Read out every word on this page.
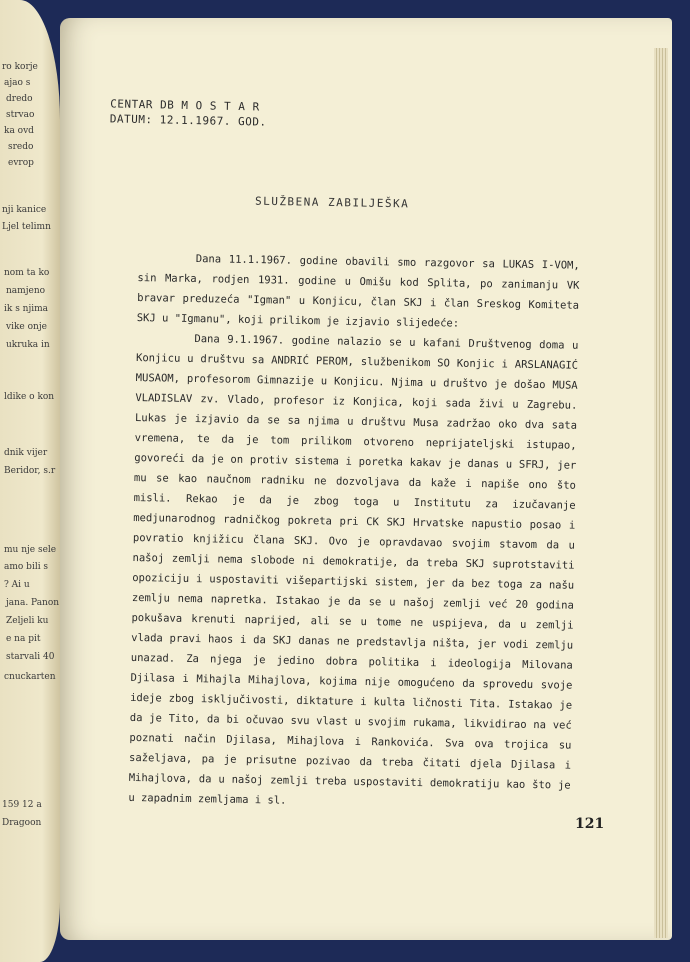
ro korje
ajao s
dredo
strvao
ka ovd
sredo
evrop
nji kanice
Ljel telimn
nom ta ko
namjeno
ik s njima
vike onje
ukruka in
ldike o kon
dnik vijer
Beridor, s.r
mu nje sele
amo bili s
? Ai u
jana. Panon
Zeljeli ku
e na pit
starvali 40
cnuckarten
159 12 a
Dragoon
CENTAR DB M O S T A R
DATUM: 12.1.1967. GOD.
SLUŽBENA ZABILJEŠKA

Dana 11.1.1967. godine obavili smo razgovor sa LUKAS I-VOM, sin Marka, rodjen 1931. godine u Omišu kod Splita, po zanimanju VK bravar preduzeća "Igman" u Konjicu, član SKJ i član Sreskog Komiteta SKJ u "Igmanu", koji prilikom je izjavio slijedeće:

Dana 9.1.1967. godine nalazio se u kafani Društvenog doma u Konjicu u društvu sa ANDRIĆ PEROM, službenikom SO Konjic i ARSLANAGIĆ MUSAOM, profesorom Gimnazije u Konjicu. Njima u društvo je došao MUSA VLADISLAV zv. Vlado, profesor iz Konjica, koji sada živi u Zagrebu. Lukas je izjavio da se sa njima u društvu Musa zadržao oko dva sata vremena, te da je tom prilikom otvoreno neprijateljski istupao, govoreći da je on protiv sistema i poretka kakav je danas u SFRJ, jer mu se kao naučnom radniku ne dozvoljava da kaže i napiše ono što misli. Rekao je da je zbog toga u Institutu za izučavanje medjunarodnog radničkog pokreta pri CK SKJ Hrvatske napustio posao i povratio knjižicu člana SKJ. Ovo je opravdavao svojim stavom da u našoj zemlji nema slobode ni demokratije, da treba SKJ suprotstaviti opoziciju i uspostaviti višepartijski sistem, jer da bez toga za našu zemlju nema napretka. Istakao je da se u našoj zemlji već 20 godina pokušava krenuti naprijed, ali se u tome ne uspijeva, da u zemlji vlada pravi haos i da SKJ danas ne predstavlja ništa, jer vodi zemlju unazad. Za njega je jedino dobra politika i ideologija Milovana Djilasa i Mihajla Mihajlova, kojima nije omogućeno da sprovedu svoje ideje zbog isključivosti, diktature i kulta ličnosti Tita. Istakao je da je Tito, da bi očuvao svu vlast u svojim rukama, likvidirao na već poznati način Djilasa, Mihajlova i Rankovića. Sva ova trojica su saželjava, pa je prisutne pozivao da treba čitati djela Djilasa i Mihajlova, da u našoj zemlji treba uspostaviti demokratiju kao što je u zapadnim zemljama i sl.

121
